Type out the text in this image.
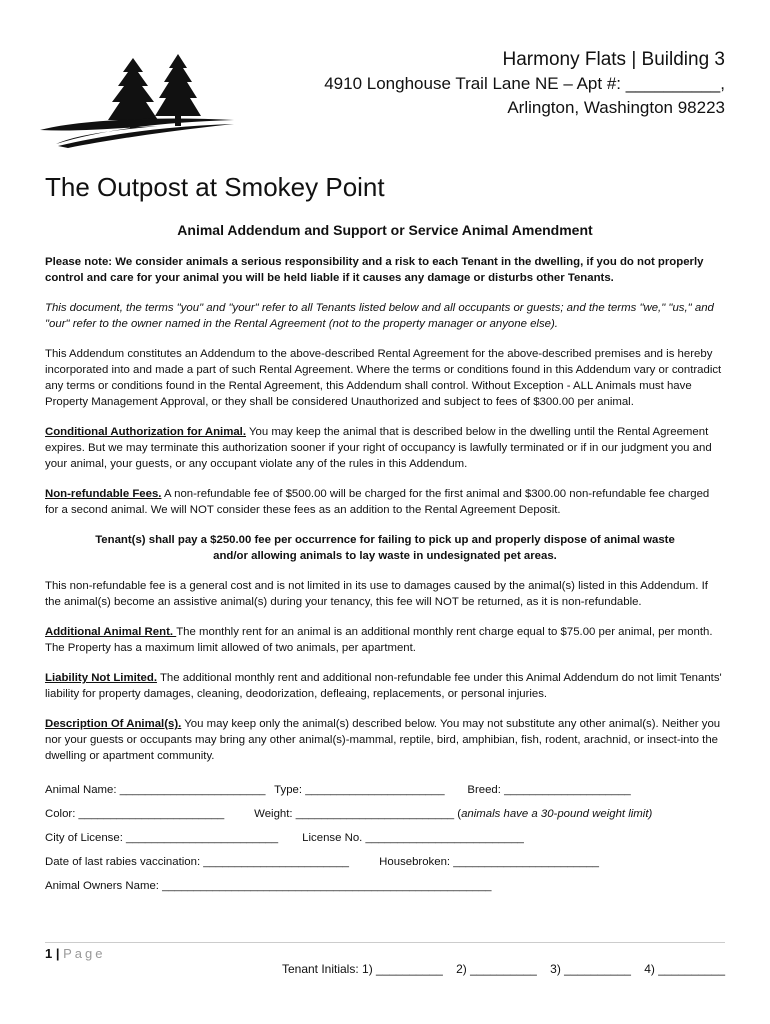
Harmony Flats | Building 3
4910 Longhouse Trail Lane NE – Apt #: __________,
Arlington, Washington 98223
The Outpost at Smokey Point
Animal Addendum and Support or Service Animal Amendment

Please note: We consider animals a serious responsibility and a risk to each Tenant in the dwelling, if you do not properly control and care for your animal you will be held liable if it causes any damage or disturbs other Tenants.

This document, the terms "you" and "your" refer to all Tenants listed below and all occupants or guests; and the terms "we," "us," and "our" refer to the owner named in the Rental Agreement (not to the property manager or anyone else).

This Addendum constitutes an Addendum to the above-described Rental Agreement for the above-described premises and is hereby incorporated into and made a part of such Rental Agreement. Where the terms or conditions found in this Addendum vary or contradict any terms or conditions found in the Rental Agreement, this Addendum shall control. Without Exception - ALL Animals must have Property Management Approval, or they shall be considered Unauthorized and subject to fees of $300.00 per animal.

Conditional Authorization for Animal. You may keep the animal that is described below in the dwelling until the Rental Agreement expires. But we may terminate this authorization sooner if your right of occupancy is lawfully terminated or if in our judgment you and your animal, your guests, or any occupant violate any of the rules in this Addendum.

Non-refundable Fees. A non-refundable fee of $500.00 will be charged for the first animal and $300.00 non-refundable fee charged for a second animal. We will NOT consider these fees as an addition to the Rental Agreement Deposit.

Tenant(s) shall pay a $250.00 fee per occurrence for failing to pick up and properly dispose of animal waste
and/or allowing animals to lay waste in undesignated pet areas.

This non-refundable fee is a general cost and is not limited in its use to damages caused by the animal(s) listed in this Addendum. If the animal(s) become an assistive animal(s) during your tenancy, this fee will NOT be returned, as it is non-refundable.

Additional Animal Rent. The monthly rent for an animal is an additional monthly rent charge equal to $75.00 per animal, per month. The Property has a maximum limit allowed of two animals, per apartment.

Liability Not Limited. The additional monthly rent and additional non-refundable fee under this Animal Addendum do not limit Tenants' liability for property damages, cleaning, deodorization, defleaing, replacements, or personal injuries.

Description Of Animal(s). You may keep only the animal(s) described below. You may not substitute any other animal(s). Neither you nor your guests or occupants may bring any other animal(s)-mammal, reptile, bird, amphibian, fish, rodent, arachnid, or insect-into the dwelling or apartment community.

Animal Name: _______________________ Type: ______________________ Breed: ____________________
Color: _______________________	Weight: _________________________ (animals have a 30-pound weight limit)
City of License: ________________________ License No. _________________________
Date of last rabies vaccination: _______________________	Housebroken: _______________________
Animal Owners Name: ____________________________________________________
1 | Page
Tenant Initials: 1) __________    2) __________    3) __________    4) __________
